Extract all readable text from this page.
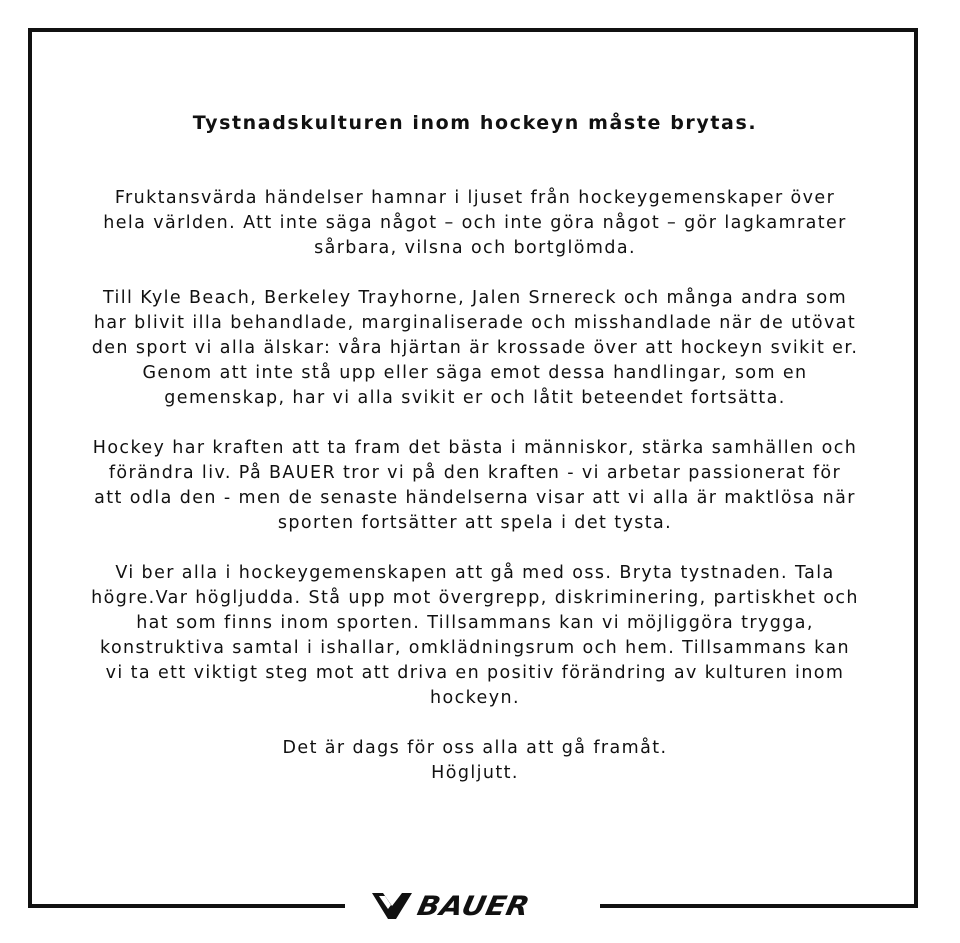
Tystnadskulturen inom hockeyn måste brytas.

Fruktansvärda händelser hamnar i ljuset från hockeygemenskaper över
hela världen. Att inte säga något – och inte göra något – gör lagkamrater
sårbara, vilsna och bortglömda.

Till Kyle Beach, Berkeley Trayhorne, Jalen Srnereck och många andra som
har blivit illa behandlade, marginaliserade och misshandlade när de utövat
den sport vi alla älskar: våra hjärtan är krossade över att hockeyn svikit er.
Genom att inte stå upp eller säga emot dessa handlingar, som en
gemenskap, har vi alla svikit er och låtit beteendet fortsätta.

Hockey har kraften att ta fram det bästa i människor, stärka samhällen och
förändra liv. På BAUER tror vi på den kraften - vi arbetar passionerat för
att odla den - men de senaste händelserna visar att vi alla är maktlösa när
sporten fortsätter att spela i det tysta.

Vi ber alla i hockeygemenskapen att gå med oss. Bryta tystnaden. Tala
högre.Var högljudda. Stå upp mot övergrepp, diskriminering, partiskhet och
hat som finns inom sporten. Tillsammans kan vi möjliggöra trygga,
konstruktiva samtal i ishallar, omklädningsrum och hem. Tillsammans kan
vi ta ett viktigt steg mot att driva en positiv förändring av kulturen inom
hockeyn.

Det är dags för oss alla att gå framåt.
Högljutt.

BAUER
